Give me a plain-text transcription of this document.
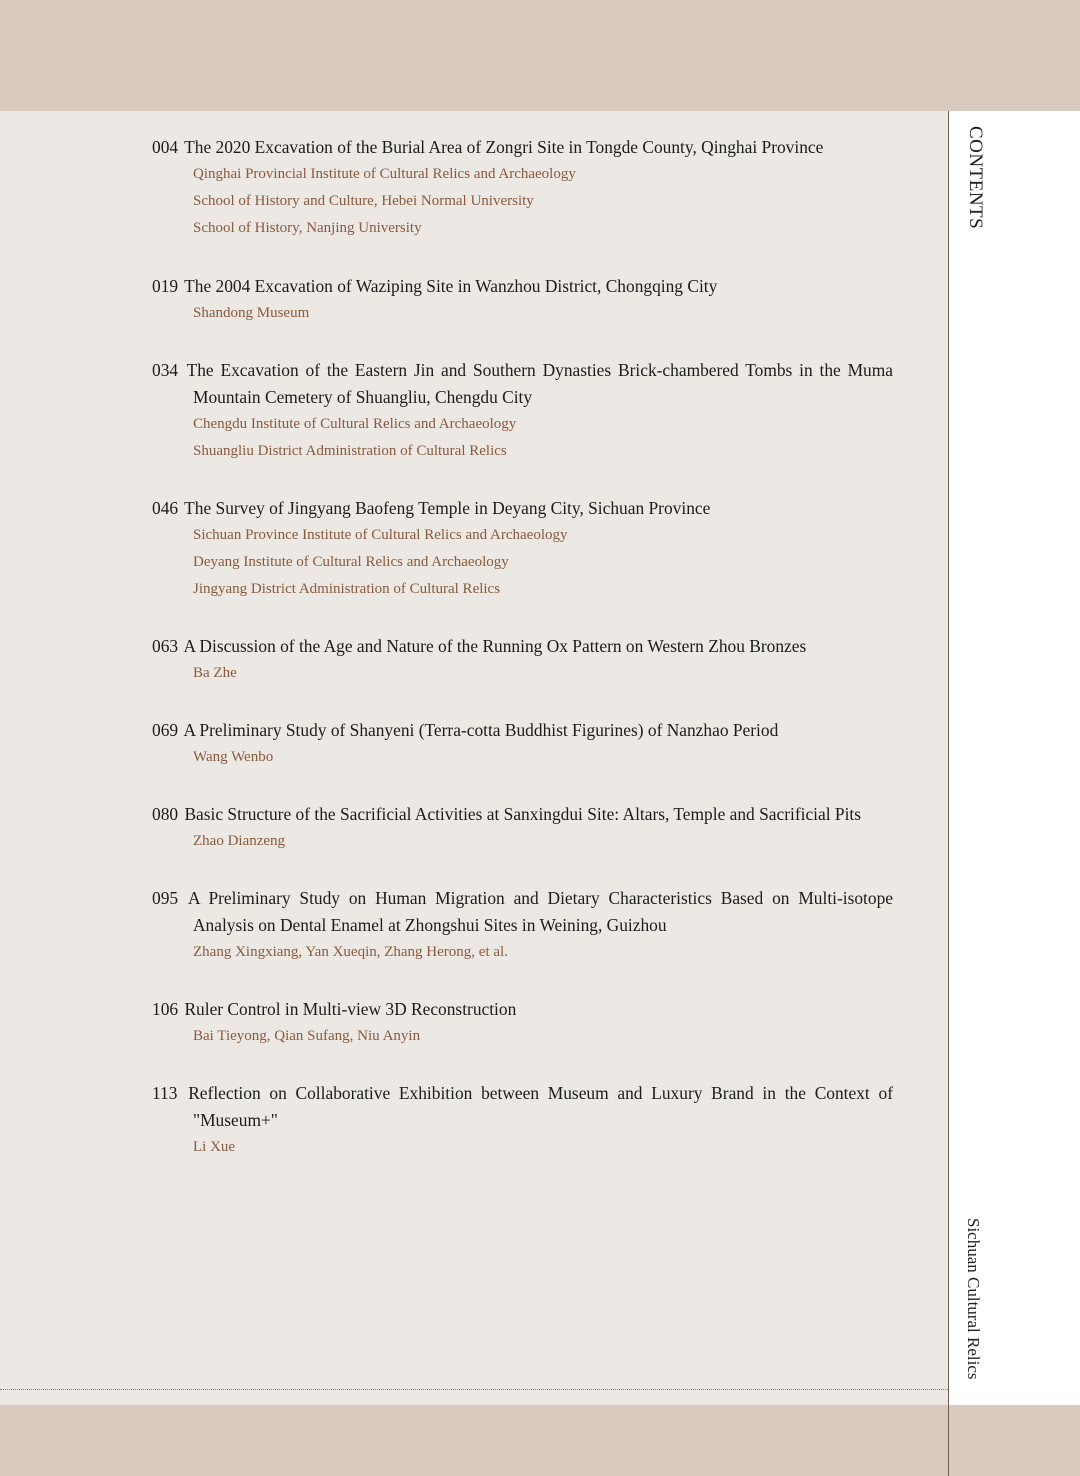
CONTENTS
Sichuan Cultural Relics
004 The 2020 Excavation of the Burial Area of Zongri Site in Tongde County, Qinghai Province
Qinghai Provincial Institute of Cultural Relics and Archaeology
School of History and Culture, Hebei Normal University
School of History, Nanjing University
019 The 2004 Excavation of Waziping Site in Wanzhou District, Chongqing City
Shandong Museum
034 The Excavation of the Eastern Jin and Southern Dynasties Brick-chambered Tombs in the Muma Mountain Cemetery of Shuangliu, Chengdu City
Chengdu Institute of Cultural Relics and Archaeology
Shuangliu District Administration of Cultural Relics
046 The Survey of Jingyang Baofeng Temple in Deyang City, Sichuan Province
Sichuan Province Institute of Cultural Relics and Archaeology
Deyang Institute of Cultural Relics and Archaeology
Jingyang District Administration of Cultural Relics
063 A Discussion of the Age and Nature of the Running Ox Pattern on Western Zhou Bronzes
Ba Zhe
069 A Preliminary Study of Shanyeni (Terra-cotta Buddhist Figurines) of Nanzhao Period
Wang Wenbo
080 Basic Structure of the Sacrificial Activities at Sanxingdui Site: Altars, Temple and Sacrificial Pits
Zhao Dianzeng
095 A Preliminary Study on Human Migration and Dietary Characteristics Based on Multi-isotope Analysis on Dental Enamel at Zhongshui Sites in Weining, Guizhou
Zhang Xingxiang, Yan Xueqin, Zhang Herong, et al.
106 Ruler Control in Multi-view 3D Reconstruction
Bai Tieyong, Qian Sufang, Niu Anyin
113 Reflection on Collaborative Exhibition between Museum and Luxury Brand in the Context of "Museum+"
Li Xue
